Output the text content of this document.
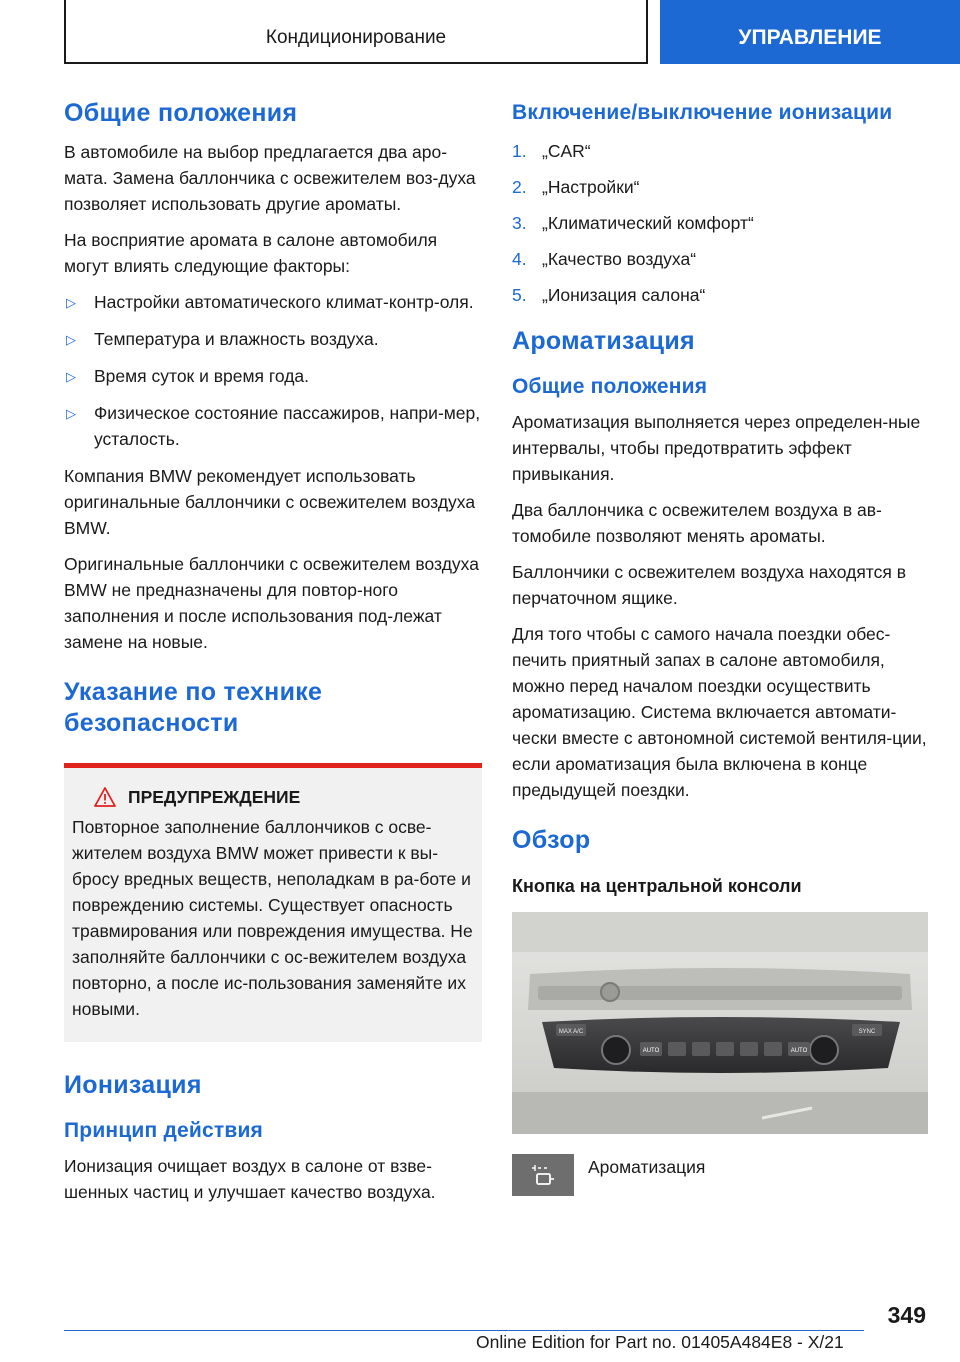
Кондиционирование	УПРАВЛЕНИЕ
Общие положения

В автомобиле на выбор предлагается два аро-мата. Замена баллончика с освежителем воз-духа позволяет использовать другие ароматы.

На восприятие аромата в салоне автомобиля могут влиять следующие факторы:

▷ Настройки автоматического климат-контр-оля.
▷ Температура и влажность воздуха.
▷ Время суток и время года.
▷ Физическое состояние пассажиров, напри-мер, усталость.

Компания BMW рекомендует использовать оригинальные баллончики с освежителем воздуха BMW.

Оригинальные баллончики с освежителем воздуха BMW не предназначены для повтор-ного заполнения и после использования под-лежат замене на новые.

Указание по технике безопасности
ПРЕДУПРЕЖДЕНИЕ

Повторное заполнение баллончиков с осве-жителем воздуха BMW может привести к вы-бросу вредных веществ, неполадкам в ра-боте и повреждению системы. Существует опасность травмирования или повреждения имущества. Не заполняйте баллончики с ос-вежителем воздуха повторно, а после ис-пользования заменяйте их новыми.

Ионизация
Принцип действия

Ионизация очищает воздух в салоне от взве-шенных частиц и улучшает качество воздуха.

Включение/выключение ионизации
1. „CAR“
2. „Настройки“
3. „Климатический комфорт“
4. „Качество воздуха“
5. „Ионизация салона“
Ароматизация
Общие положения

Ароматизация выполняется через определен-ные интервалы, чтобы предотвратить эффект привыкания.

Два баллончика с освежителем воздуха в ав-томобиле позволяют менять ароматы.

Баллончики с освежителем воздуха находятся в перчаточном ящике.

Для того чтобы с самого начала поездки обес-печить приятный запах в салоне автомобиля, можно перед началом поездки осуществить ароматизацию. Система включается автомати-чески вместе с автономной системой вентиля-ции, если ароматизация была включена в конце предыдущей поездки.

Обзор
Кнопка на центральной консоли
MAX A/C
AUTO	AUTO
SYNC
Ароматизация
349
Online Edition for Part no. 01405A484E8 - X/21
